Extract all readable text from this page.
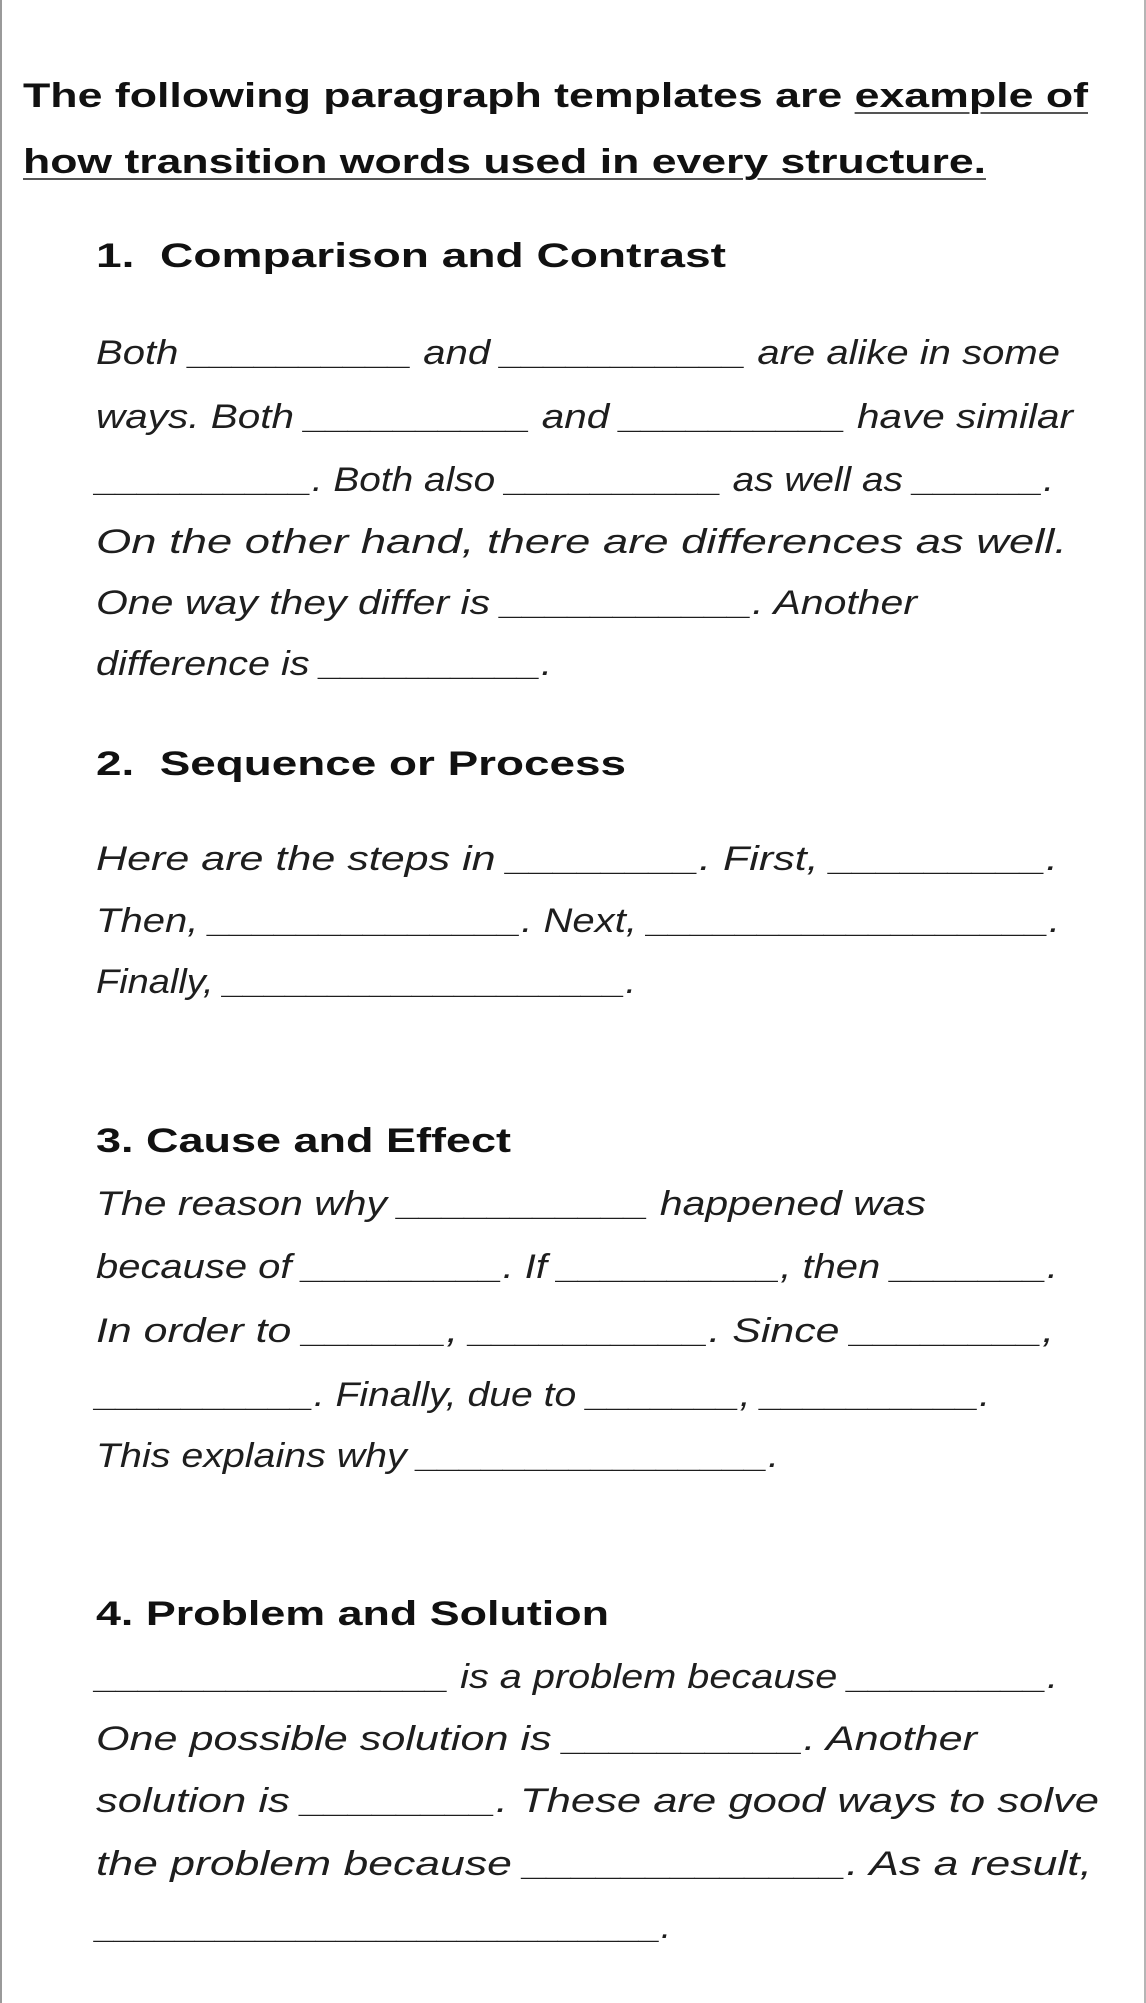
The following paragraph templates are example of
how transition words used in every structure.
1.  Comparison and Contrast
Both __________ and ___________ are alike in some
ways. Both __________ and __________ have similar
__________. Both also __________ as well as ______.
On the other hand, there are differences as well.
One way they differ is ___________. Another
difference is __________.
2.  Sequence or Process
Here are the steps in ________. First, _________.
Then, ______________. Next, __________________.
Finally, ___________________.
3. Cause and Effect
The reason why ___________ happened was
because of _________. If __________, then _______.
In order to ______, __________. Since ________,
__________. Finally, due to _______, __________.
This explains why ________________.
4. Problem and Solution
________________ is a problem because _________.
One possible solution is __________. Another
solution is ________. These are good ways to solve
the problem because _____________. As a result,
____________________________.
